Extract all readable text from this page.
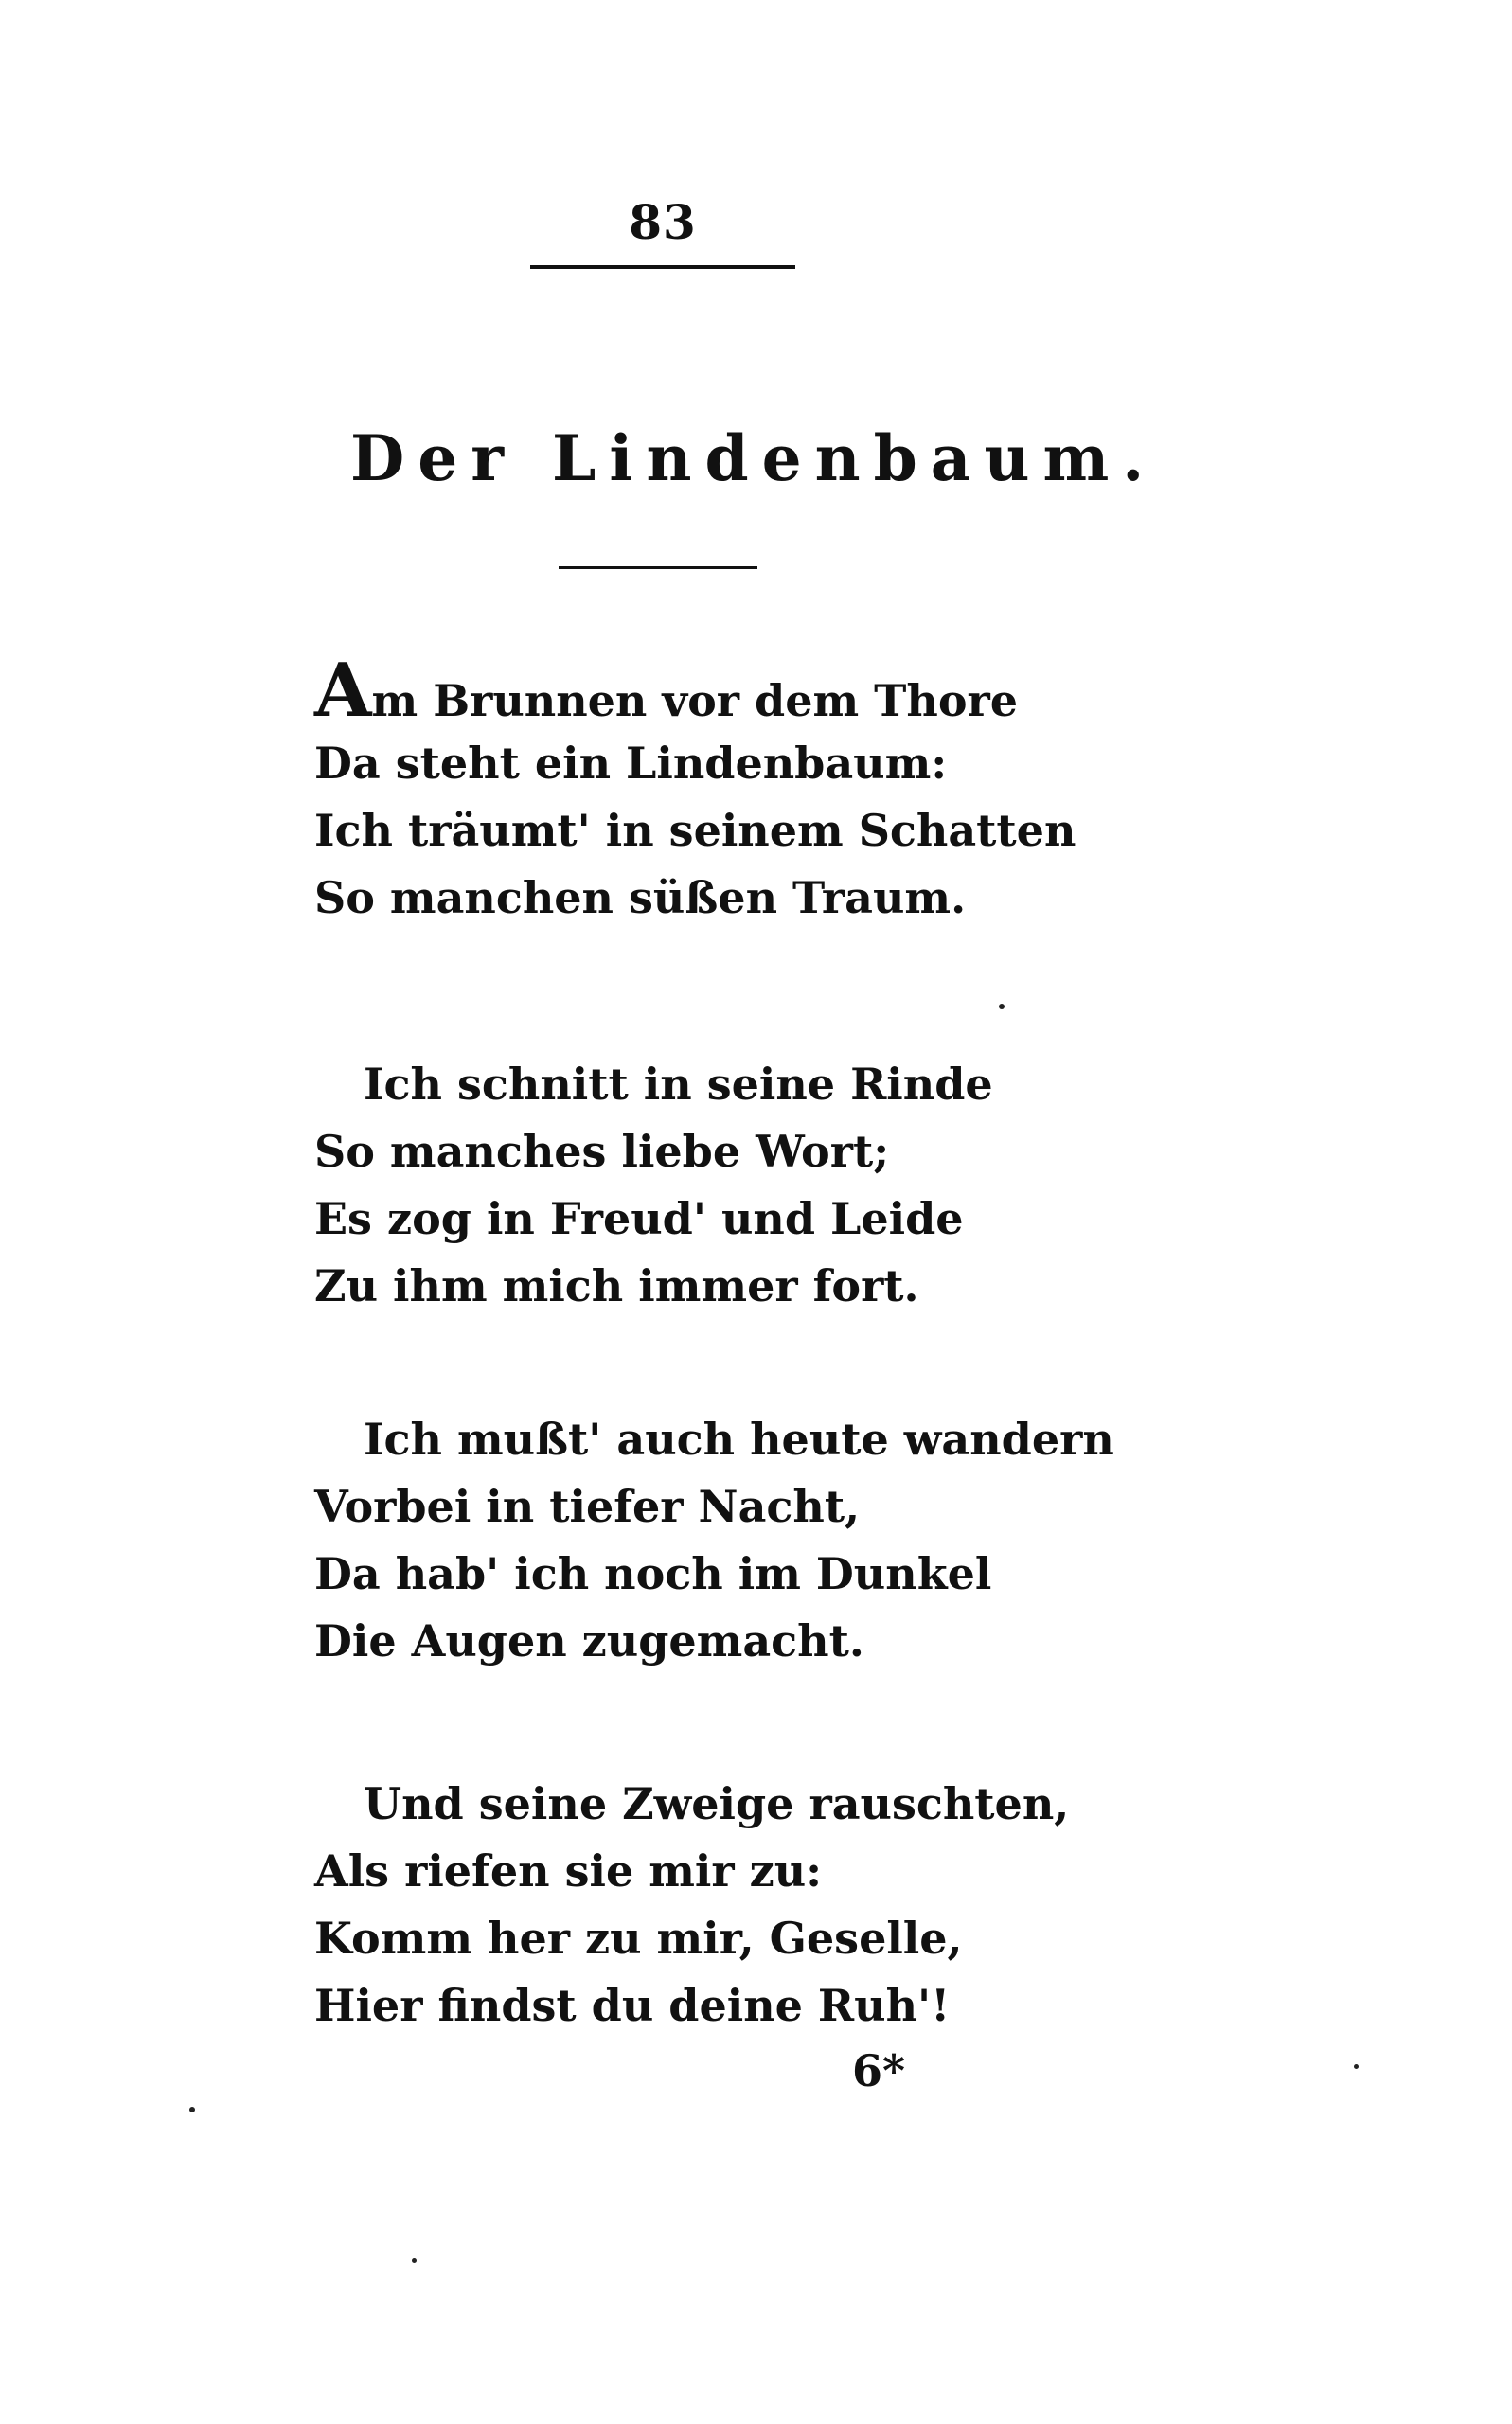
83
Der Lindenbaum.
Am Brunnen vor dem Thore
Da steht ein Lindenbaum:
Ich träumt' in seinem Schatten
So manchen süßen Traum.
Ich schnitt in seine Rinde
So manches liebe Wort;
Es zog in Freud' und Leide
Zu ihm mich immer fort.
Ich mußt' auch heute wandern
Vorbei in tiefer Nacht,
Da hab' ich noch im Dunkel
Die Augen zugemacht.
Und seine Zweige rauschten,
Als riefen sie mir zu:
Komm her zu mir, Geselle,
Hier findst du deine Ruh'!
6*
